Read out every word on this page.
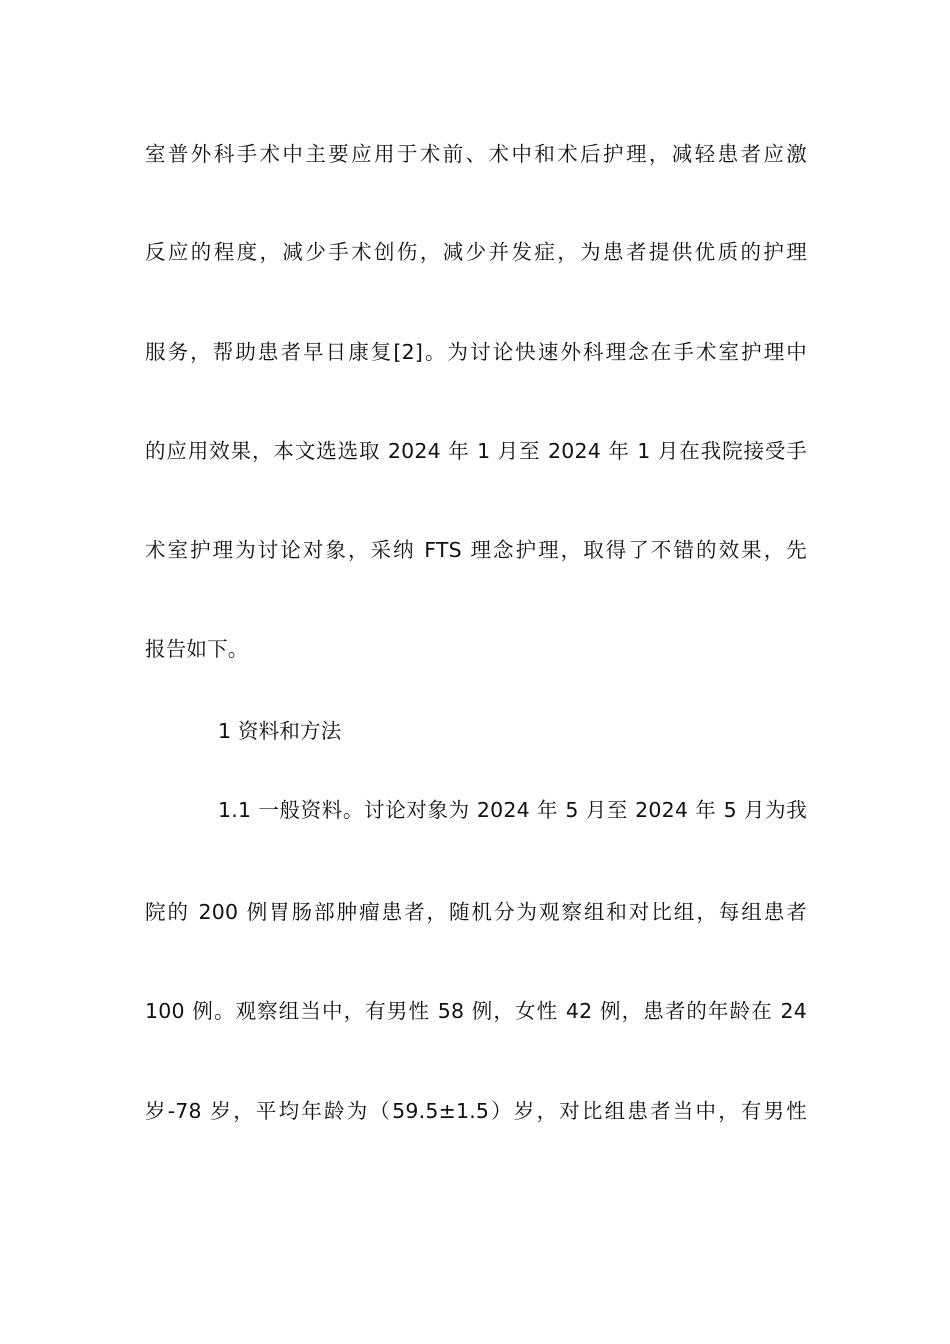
室普外科手术中主要应用于术前、术中和术后护理，减轻患者应激
反应的程度，减少手术创伤，减少并发症，为患者提供优质的护理
服务，帮助患者早日康复[2]。为讨论快速外科理念在手术室护理中
的应用效果，本文选选取 2024 年 1 月至 2024 年 1 月在我院接受手
术室护理为讨论对象，采纳 FTS 理念护理，取得了不错的效果，先
报告如下。
1 资料和方法
1.1 一般资料。讨论对象为 2024 年 5 月至 2024 年 5 月为我
院的 200 例胃肠部肿瘤患者，随机分为观察组和对比组，每组患者
100 例。观察组当中，有男性 58 例，女性 42 例，患者的年龄在 24
岁-78 岁，平均年龄为（59.5±1.5）岁，对比组患者当中，有男性
